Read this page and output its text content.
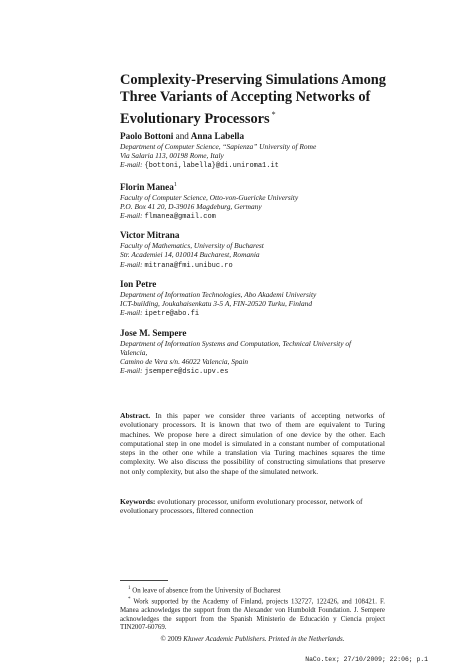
Complexity-Preserving Simulations Among Three Variants of Accepting Networks of Evolutionary Processors *
Paolo Bottoni and Anna Labella
Department of Computer Science, “Sapienza” University of Rome
Via Salaria 113, 00198 Rome, Italy
E-mail: {bottoni,labella}@di.uniroma1.it
Florin Manea$^1$
Faculty of Computer Science, Otto-von-Guericke University
P.O. Box 41 20, D-39016 Magdeburg, Germany
E-mail: flmanea@gmail.com
Victor Mitrana
Faculty of Mathematics, University of Bucharest
Str. Academiei 14, 010014 Bucharest, Romania
E-mail: mitrana@fmi.unibuc.ro
Ion Petre
Department of Information Technologies, Abo Akademi University
ICT-building, Joukahaisenkatu 3-5 A, FIN-20520 Turku, Finland
E-mail: ipetre@abo.fi
Jose M. Sempere
Department of Information Systems and Computation, Technical University of Valencia,
Camino de Vera s/n. 46022 Valencia, Spain
E-mail: jsempere@dsic.upv.es
Abstract. In this paper we consider three variants of accepting networks of evolutionary processors. It is known that two of them are equivalent to Turing machines. We propose here a direct simulation of one device by the other. Each computational step in one model is simulated in a constant number of computational steps in the other one while a translation via Turing machines squares the time complexity. We also discuss the possibility of constructing simulations that preserve not only complexity, but also the shape of the simulated network.
Keywords: evolutionary processor, uniform evolutionary processor, network of evolutionary processors, filtered connection
$^1$ On leave of absence from the University of Bucharest
* Work supported by the Academy of Finland, projects 132727, 122426, and 108421. F. Manea acknowledges the support from the Alexander von Humboldt Foundation. J. Sempere acknowledges the support from the Spanish Ministerio de Educación y Ciencia project TIN2007-60769.
© 2009 Kluwer Academic Publishers. Printed in the Netherlands.
NaCo.tex; 27/10/2009; 22:06; p.1
